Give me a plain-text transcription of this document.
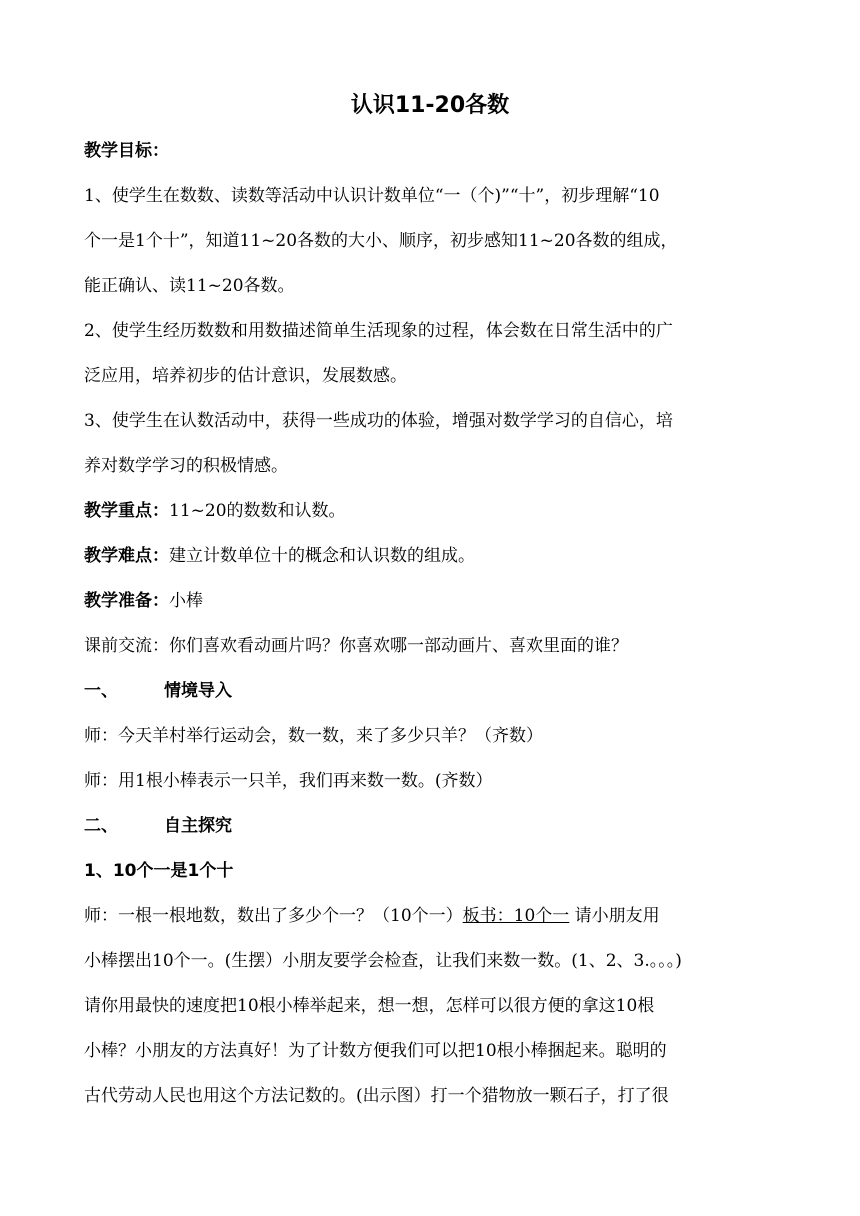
认识11-20各数
教学目标：
1、使学生在数数、读数等活动中认识计数单位“一（个)”“十”，初步理解“10
个一是1个十”，知道11~20各数的大小、顺序，初步感知11~20各数的组成，
能正确认、读11~20各数。
2、使学生经历数数和用数描述简单生活现象的过程，体会数在日常生活中的广
泛应用，培养初步的估计意识，发展数感。
3、使学生在认数活动中，获得一些成功的体验，增强对数学学习的自信心，培
养对数学学习的积极情感。
教学重点：11~20的数数和认数。
教学难点：建立计数单位十的概念和认识数的组成。
教学准备：小棒
课前交流：你们喜欢看动画片吗？你喜欢哪一部动画片、喜欢里面的谁？
一、	情境导入
师：今天羊村举行运动会，数一数，来了多少只羊？（齐数）
师：用1根小棒表示一只羊，我们再来数一数。(齐数）
二、	自主探究
1、10个一是1个十
师：一根一根地数，数出了多少个一？（10个一）板书：10个一 请小朋友用
小棒摆出10个一。(生摆）小朋友要学会检查，让我们来数一数。(1、2、3.。。。)
请你用最快的速度把10根小棒举起来，想一想，怎样可以很方便的拿这10根
小棒？小朋友的方法真好！为了计数方便我们可以把10根小棒捆起来。聪明的
古代劳动人民也用这个方法记数的。(出示图）打一个猎物放一颗石子，打了很
